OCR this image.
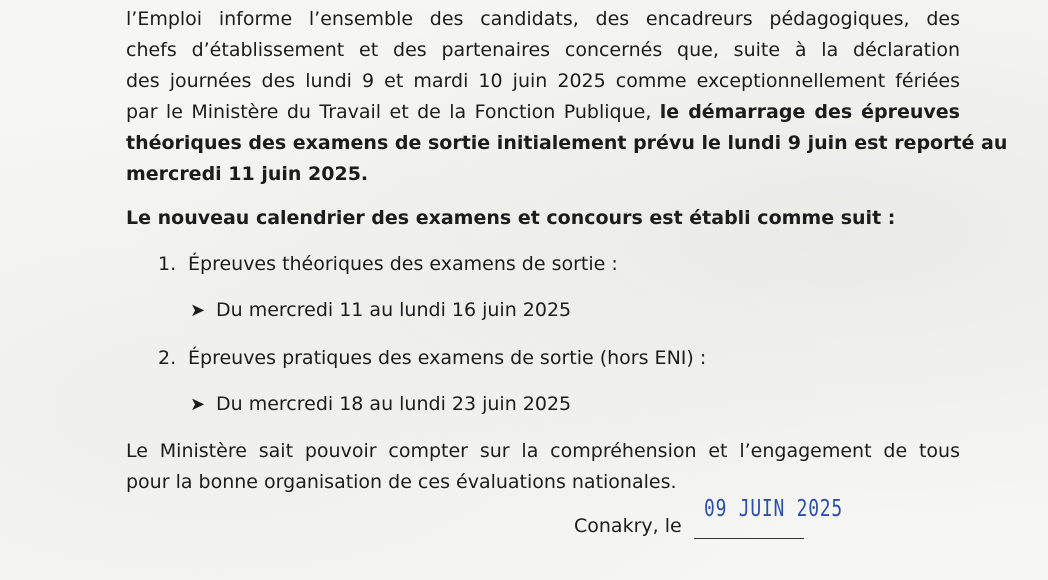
l’Emploi informe l’ensemble des candidats, des encadreurs pédagogiques, des
chefs d’établissement et des partenaires concernés que, suite à la déclaration
des journées des lundi 9 et mardi 10 juin 2025 comme exceptionnellement fériées
par le Ministère du Travail et de la Fonction Publique, le démarrage des épreuves
théoriques des examens de sortie initialement prévu le lundi 9 juin est reporté au
mercredi 11 juin 2025.
Le nouveau calendrier des examens et concours est établi comme suit :
1. Épreuves théoriques des examens de sortie :
➤ Du mercredi 11 au lundi 16 juin 2025
2. Épreuves pratiques des examens de sortie (hors ENI) :
➤ Du mercredi 18 au lundi 23 juin 2025
Le Ministère sait pouvoir compter sur la compréhension et l’engagement de tous
pour la bonne organisation de ces évaluations nationales.
Conakry, le
09 JUIN 2025
